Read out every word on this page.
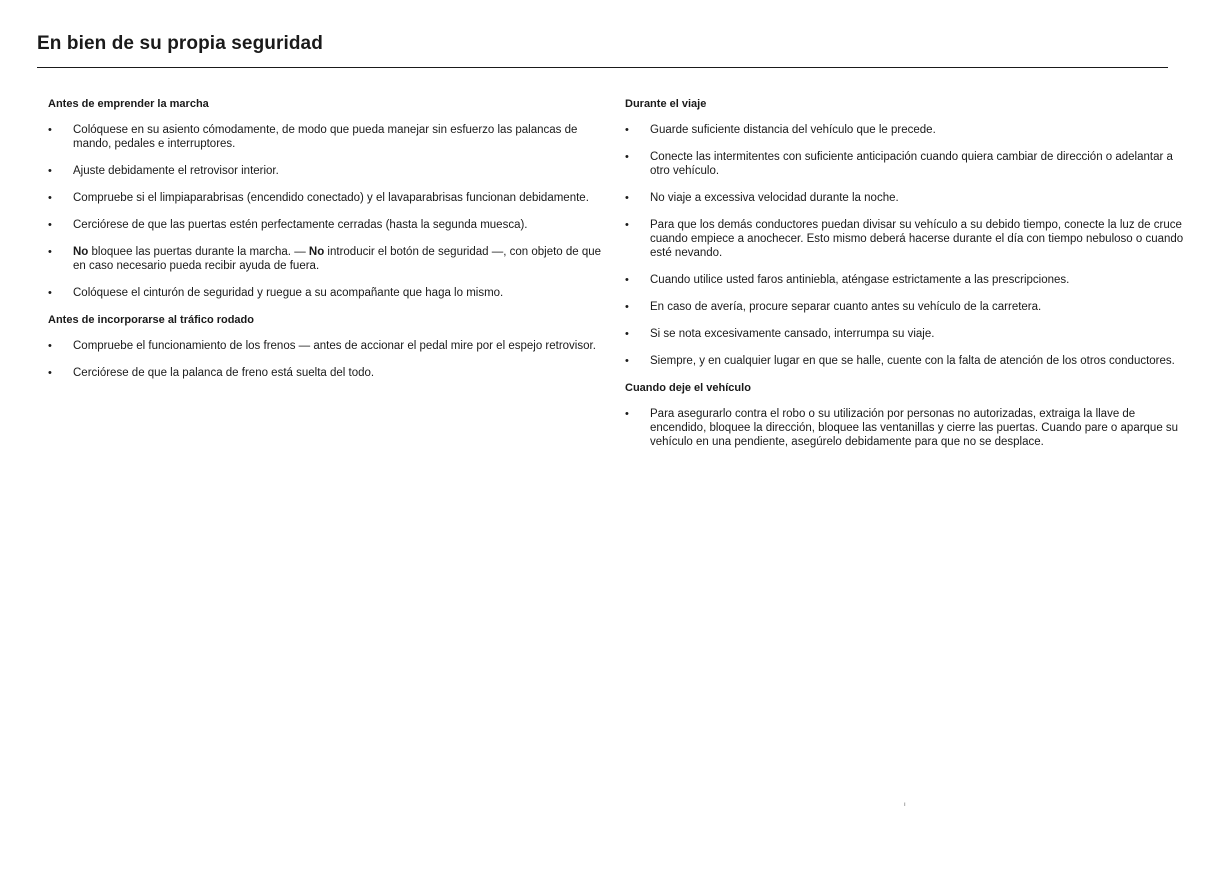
En bien de su propia seguridad

Antes de emprender la marcha

• Colóquese en su asiento cómodamente, de modo que pueda manejar sin esfuerzo las palancas de mando, pedales e interruptores.
• Ajuste debidamente el retrovisor interior.
• Compruebe si el limpiaparabrisas (encendido conectado) y el lavaparabrisas funcionan debidamente.
• Cerciórese de que las puertas estén perfectamente cerradas (hasta la segunda muesca).
• No bloquee las puertas durante la marcha. — No introducir el botón de seguridad —, con objeto de que en caso necesario pueda recibir ayuda de fuera.
• Colóquese el cinturón de seguridad y ruegue a su acompañante que haga lo mismo.

Antes de incorporarse al tráfico rodado

• Compruebe el funcionamiento de los frenos — antes de accionar el pedal mire por el espejo retrovisor.
• Cerciórese de que la palanca de freno está suelta del todo.

Durante el viaje

• Guarde suficiente distancia del vehículo que le precede.
• Conecte las intermitentes con suficiente anticipación cuando quiera cambiar de dirección o adelantar a otro vehículo.
• No viaje a excessiva velocidad durante la noche.
• Para que los demás conductores puedan divisar su vehículo a su debido tiempo, conecte la luz de cruce cuando empiece a anochecer. Esto mismo deberá hacerse durante el día con tiempo nebuloso o cuando esté nevando.
• Cuando utilice usted faros antiniebla, aténgase estrictamente a las prescripciones.
• En caso de avería, procure separar cuanto antes su vehículo de la carretera.
• Si se nota excesivamente cansado, interrumpa su viaje.
• Siempre, y en cualquier lugar en que se halle, cuente con la falta de atención de los otros conductores.

Cuando deje el vehículo

• Para asegurarlo contra el robo o su utilización por personas no autorizadas, extraiga la llave de encendido, bloquee la dirección, bloquee las ventanillas y cierre las puertas. Cuando pare o aparque su vehículo en una pendiente, asegúrelo debidamente para que no se desplace.
ı
